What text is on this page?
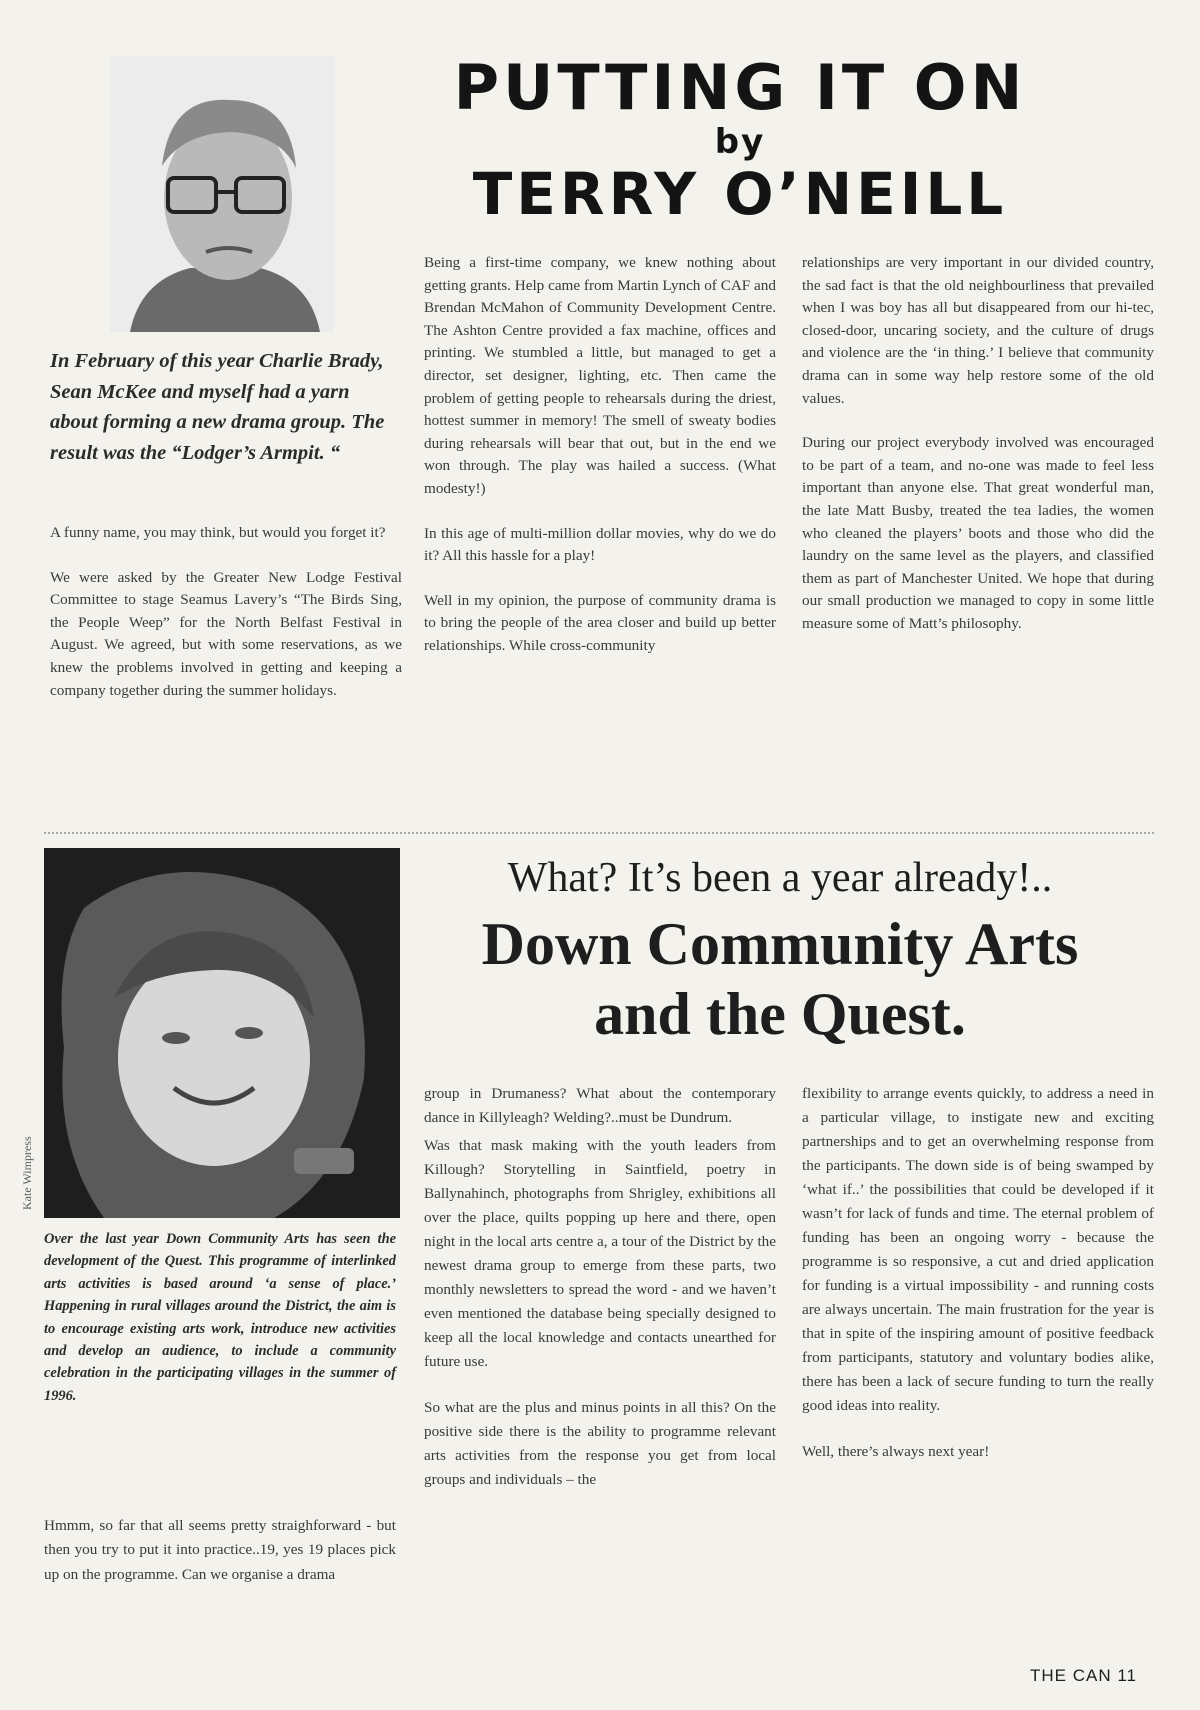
PUTTING IT ON
by
TERRY O’NEILL

In February of this year Charlie Brady, Sean McKee and myself had a yarn about forming a new drama group. The result was the “Lodger’s Armpit. “

A funny name, you may think, but would you forget it?

We were asked by the Greater New Lodge Festival Committee to stage Seamus Lavery’s “The Birds Sing, the People Weep” for the North Belfast Festival in August. We agreed, but with some reservations, as we knew the problems involved in getting and keeping a company together during the summer holidays.

Being a first-time company, we knew nothing about getting grants. Help came from Martin Lynch of CAF and Brendan McMahon of Community Development Centre. The Ashton Centre provided a fax machine, offices and printing. We stumbled a little, but managed to get a director, set designer, lighting, etc. Then came the problem of getting people to rehearsals during the driest, hottest summer in memory! The smell of sweaty bodies during rehearsals will bear that out, but in the end we won through. The play was hailed a success. (What modesty!)

In this age of multi-million dollar movies, why do we do it? All this hassle for a play!

Well in my opinion, the purpose of community drama is to bring the people of the area closer and build up better relationships. While cross-community

relationships are very important in our divided country, the sad fact is that the old neighbourliness that prevailed when I was boy has all but disappeared from our hi-tec, closed-door, uncaring society, and the culture of drugs and violence are the ‘in thing.’ I believe that community drama can in some way help restore some of the old values.

During our project everybody involved was encouraged to be part of a team, and no-one was made to feel less important than anyone else. That great wonderful man, the late Matt Busby, treated the tea ladies, the women who cleaned the players’ boots and those who did the laundry on the same level as the players, and classified them as part of Manchester United. We hope that during our small production we managed to copy in some little measure some of Matt’s philosophy.

Kate Wimpress
What? It’s been a year already!..
Down Community Arts
and the Quest.

Over the last year Down Community Arts has seen the development of the Quest. This programme of interlinked arts activities is based around ‘a sense of place.’ Happening in rural villages around the District, the aim is to encourage existing arts work, introduce new activities and develop an audience, to include a community celebration in the participating villages in the summer of 1996.

Hmmm, so far that all seems pretty straighforward - but then you try to put it into practice..19, yes 19 places pick up on the programme. Can we organise a drama

group in Drumaness? What about the contemporary dance in Killyleagh? Welding?..must be Dundrum.

Was that mask making with the youth leaders from Killough? Storytelling in Saintfield, poetry in Ballynahinch, photographs from Shrigley, exhibitions all over the place, quilts popping up here and there, open night in the local arts centre a, a tour of the District by the newest drama group to emerge from these parts, two monthly newsletters to spread the word - and we haven’t even mentioned the database being specially designed to keep all the local knowledge and contacts unearthed for future use.

So what are the plus and minus points in all this? On the positive side there is the ability to programme relevant arts activities from the response you get from local groups and individuals – the

flexibility to arrange events quickly, to address a need in a particular village, to instigate new and exciting partnerships and to get an overwhelming response from the participants. The down side is of being swamped by ‘what if..’ the possibilities that could be developed if it wasn’t for lack of funds and time. The eternal problem of funding has been an ongoing worry - because the programme is so responsive, a cut and dried application for funding is a virtual impossibility - and running costs are always uncertain. The main frustration for the year is that in spite of the inspiring amount of positive feedback from participants, statutory and voluntary bodies alike, there has been a lack of secure funding to turn the really good ideas into reality.

Well, there’s always next year!

THE CAN 11
